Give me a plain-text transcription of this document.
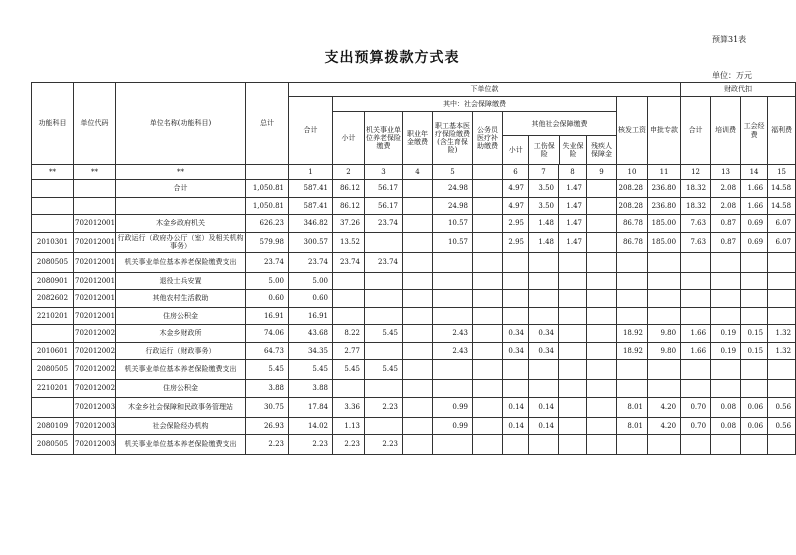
预算31表
支出预算拨款方式表
单位：万元
功能科目	单位代码	单位名称(功能科目)	总计	下单位款	财政代扣
合计	其中：社会保障缴费	核发工资	申批专款	合计	培训费	工会经费	福利费
小计	机关事业单位养老保险缴费	职业年金缴费	职工基本医疗保险缴费(含生育保险)	公务员医疗补助缴费	
其他社会保障缴费
小计	工伤保险	失业保险	残疾人保障金

**	**	**		1	2	3	4	5		6	7	8	9	10	11	12	13	14	15
		合计	1,050.81	587.41	86.12	56.17		24.98		4.97	3.50	1.47		208.28	236.80	18.32	2.08	1.66	14.58
			1,050.81	587.41	86.12	56.17		24.98		4.97	3.50	1.47		208.28	236.80	18.32	2.08	1.66	14.58
	702012001	木金乡政府机关	626.23	346.82	37.26	23.74		10.57		2.95	1.48	1.47		86.78	185.00	7.63	0.87	0.69	6.07
2010301	702012001	行政运行（政府办公厅（室）及相关机构事务）	579.98	300.57	13.52			10.57		2.95	1.48	1.47		86.78	185.00	7.63	0.87	0.69	6.07
2080505	702012001	机关事业单位基本养老保险缴费支出	23.74	23.74	23.74	23.74													
2080901	702012001	退役士兵安置	5.00	5.00															
2082602	702012001	其他农村生活救助	0.60	0.60															
2210201	702012001	住房公积金	16.91	16.91															
	702012002	木金乡财政所	74.06	43.68	8.22	5.45		2.43		0.34	0.34			18.92	9.80	1.66	0.19	0.15	1.32
2010601	702012002	行政运行（财政事务）	64.73	34.35	2.77			2.43		0.34	0.34			18.92	9.80	1.66	0.19	0.15	1.32
2080505	702012002	机关事业单位基本养老保险缴费支出	5.45	5.45	5.45	5.45													
2210201	702012002	住房公积金	3.88	3.88															
	702012003	木金乡社会保障和民政事务管理站	30.75	17.84	3.36	2.23		0.99		0.14	0.14			8.01	4.20	0.70	0.08	0.06	0.56
2080109	702012003	社会保险经办机构	26.93	14.02	1.13			0.99		0.14	0.14			8.01	4.20	0.70	0.08	0.06	0.56
2080505	702012003	机关事业单位基本养老保险缴费支出	2.23	2.23	2.23	2.23													
